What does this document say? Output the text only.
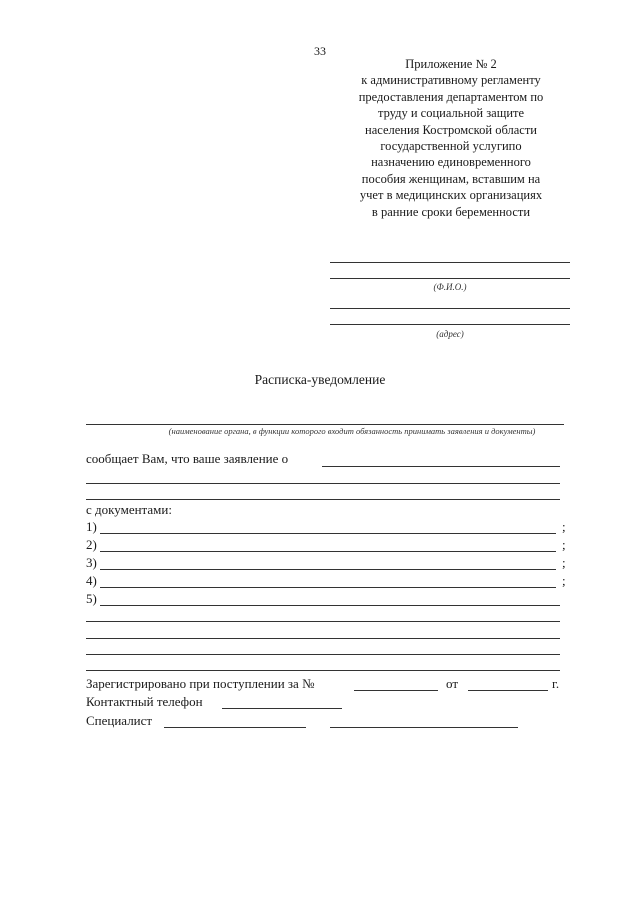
33
Приложение № 2
к административному регламенту
предоставления департаментом по
труду и социальной защите
населения Костромской области
государственной услугипо
назначению единовременного
пособия женщинам, вставшим на
учет в медицинских организациях
в ранние сроки беременности
(Ф.И.О.)
(адрес)
Расписка-уведомление
(наименование органа, в функции которого входит обязанность принимать заявления и документы)
сообщает Вам, что ваше заявление о
с документами:
1)	;
2)	;
3)	;
4)	;
5)
Зарегистрировано при поступлении за №	от	г.
Контактный телефон
Специалист
